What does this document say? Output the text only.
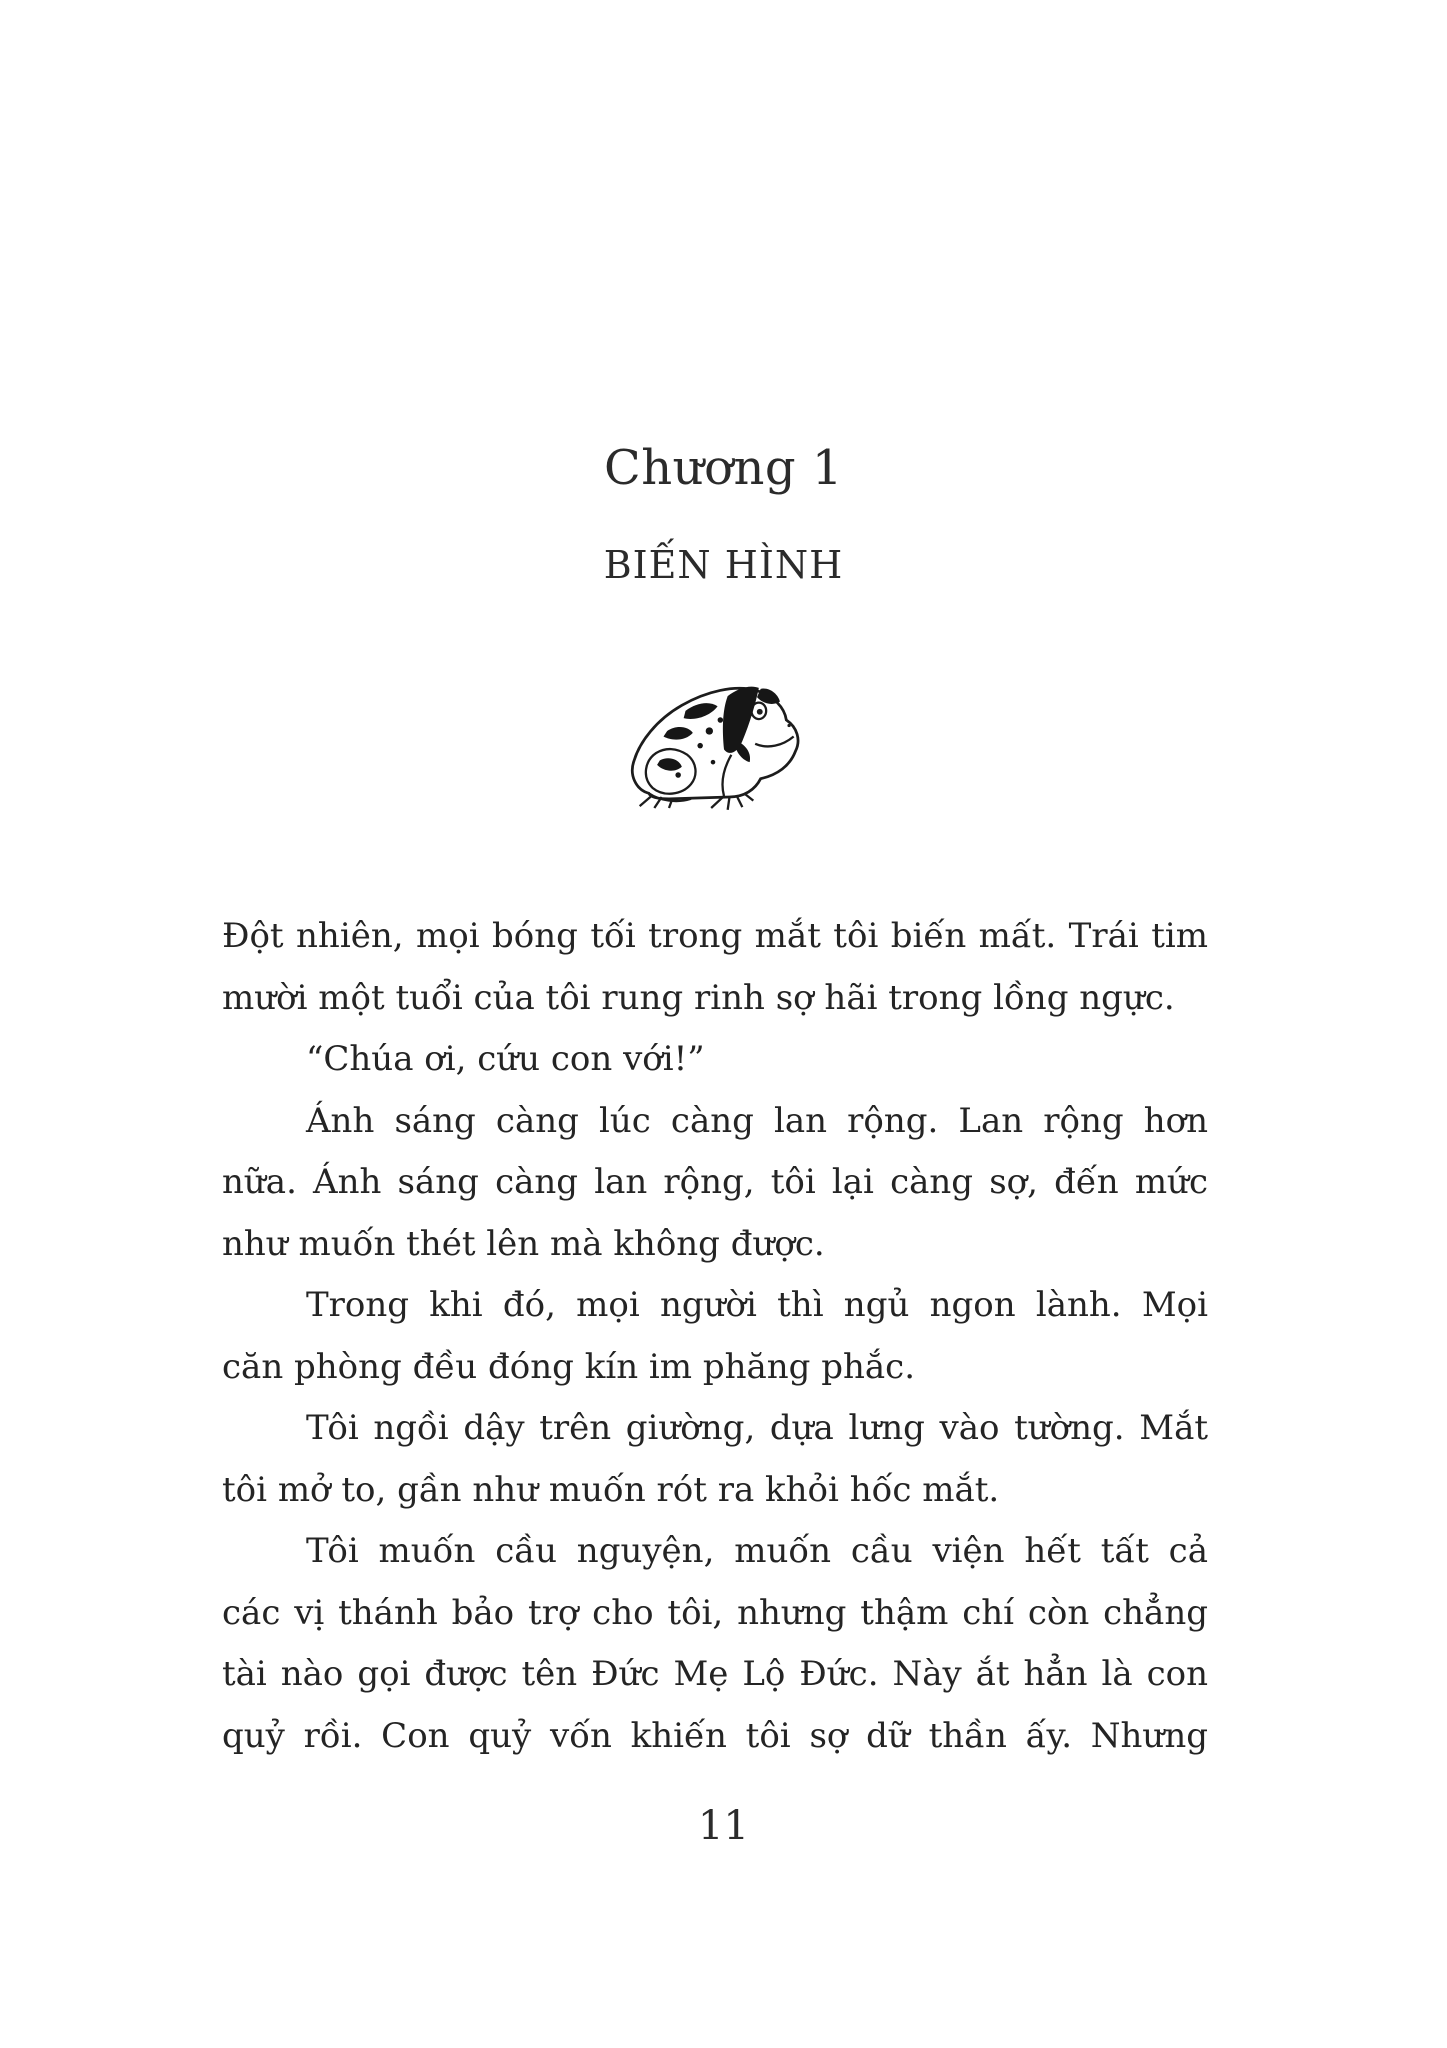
Chương 1
BIẾN HÌNH
Đột nhiên, mọi bóng tối trong mắt tôi biến mất. Trái tim
mười một tuổi của tôi rung rinh sợ hãi trong lồng ngực.
“Chúa ơi, cứu con với!”
Ánh sáng càng lúc càng lan rộng. Lan rộng hơn
nữa. Ánh sáng càng lan rộng, tôi lại càng sợ, đến mức
như muốn thét lên mà không được.
Trong khi đó, mọi người thì ngủ ngon lành. Mọi
căn phòng đều đóng kín im phăng phắc.
Tôi ngồi dậy trên giường, dựa lưng vào tường. Mắt
tôi mở to, gần như muốn rót ra khỏi hốc mắt.
Tôi muốn cầu nguyện, muốn cầu viện hết tất cả
các vị thánh bảo trợ cho tôi, nhưng thậm chí còn chẳng
tài nào gọi được tên Đức Mẹ Lộ Đức. Này ắt hẳn là con
quỷ rồi. Con quỷ vốn khiến tôi sợ dữ thần ấy. Nhưng
11
